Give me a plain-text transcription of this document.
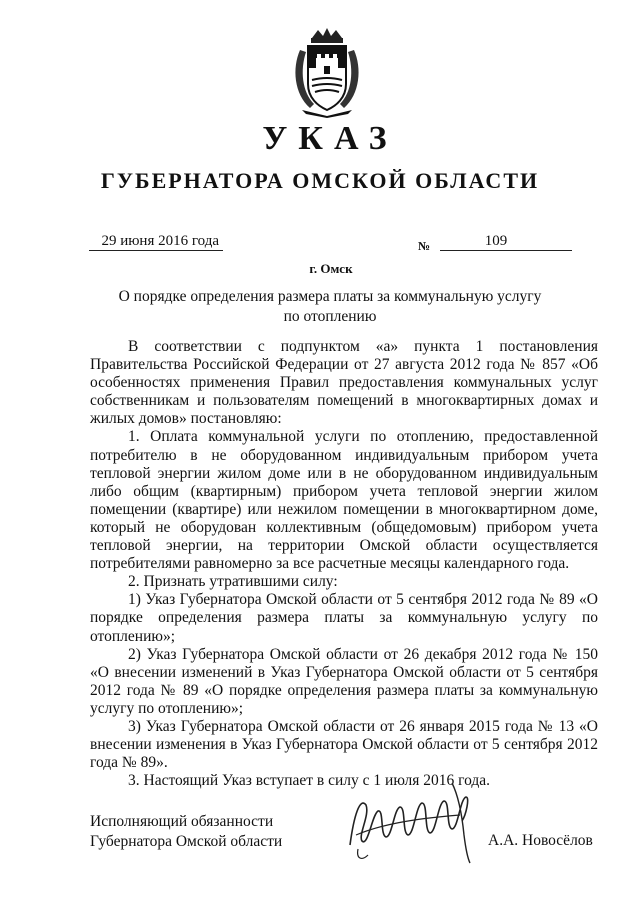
УКАЗ
ГУБЕРНАТОРА ОМСКОЙ ОБЛАСТИ
29 июня 2016 года	№	109
г. Омск
О порядке определения размера платы за коммунальную услугу
по отоплению

В соответствии с подпунктом «а» пункта 1 постановления Правительства Российской Федерации от 27 августа 2012 года № 857 «Об особенностях применения Правил предоставления коммунальных услуг собственникам и пользователям помещений в многоквартирных домах и жилых домов» постановляю:

1. Оплата коммунальной услуги по отоплению, предоставленной потребителю в не оборудованном индивидуальным прибором учета тепловой энергии жилом доме или в не оборудованном индивидуальным либо общим (квартирным) прибором учета тепловой энергии жилом помещении (квартире) или нежилом помещении в многоквартирном доме, который не оборудован коллективным (общедомовым) прибором учета тепловой энергии, на территории Омской области осуществляется потребителями равномерно за все расчетные месяцы календарного года.

2. Признать утратившими силу:

1) Указ Губернатора Омской области от 5 сентября 2012 года № 89 «О порядке определения размера платы за коммунальную услугу по отоплению»;

2) Указ Губернатора Омской области от 26 декабря 2012 года № 150 «О внесении изменений в Указ Губернатора Омской области от 5 сентября 2012 года № 89 «О порядке определения размера платы за коммунальную услугу по отоплению»;

3) Указ Губернатора Омской области от 26 января 2015 года № 13 «О внесении изменения в Указ Губернатора Омской области от 5 сентября 2012 года № 89».

3. Настоящий Указ вступает в силу с 1 июля 2016 года.

Исполняющий обязанности
Губернатора Омской области	А.А. Новосёлов
